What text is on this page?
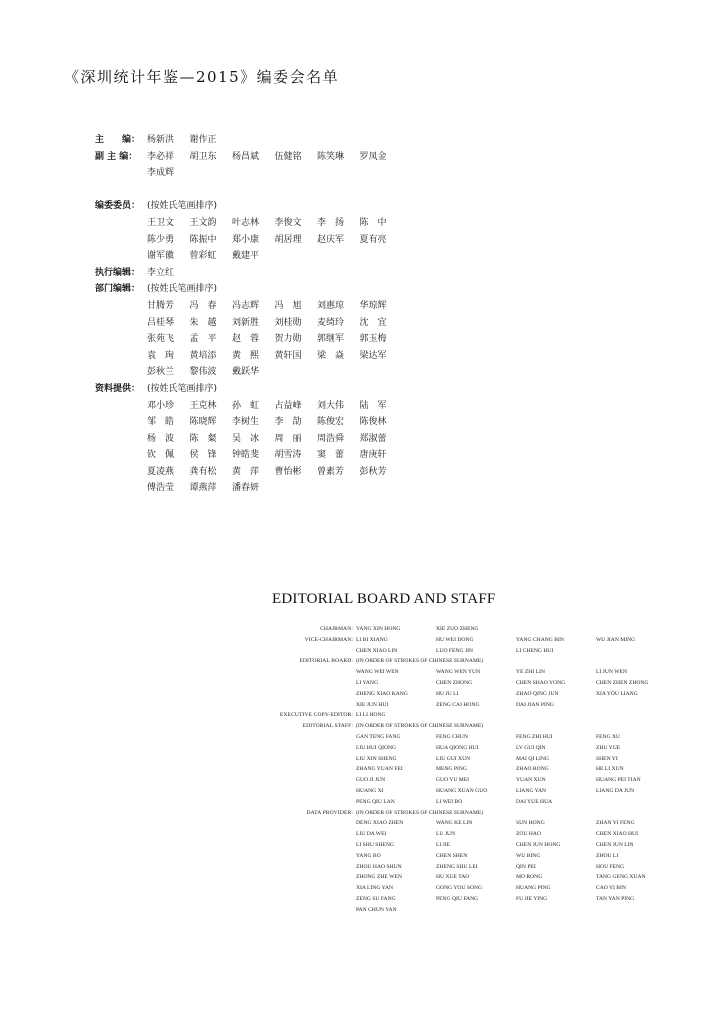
《深圳统计年鉴—2015》编委会名单
主　　编： 杨新洪	谢作正
副 主 编：	李必祥	胡卫东	杨昌斌	伍健铭	陈笑琳	罗凤金
李成辉
编委委员： (按姓氏笔画排序)
王卫文	王文韵	叶志林	李俊文	李　扬	陈　中
陈少勇	陈振中	郑小康	胡居理	赵庆军	夏有亮
谢军徽	曾彩虹	戴建平
执行编辑： 李立红
部门编辑： (按姓氏笔画排序)
甘腾芳	冯　春	冯志辉	冯　旭	刘惠琼	华琼辉
吕桂琴	朱　越	刘新胜	刘桂勋	麦绮玲	沈　宜
张苑飞	孟　平	赵　蓉	贺力勋	郭继军	郭玉梅
袁　珣	黄培添	黄　熙	黄轩国	梁　焱	梁达军
彭秋兰	黎伟波	戴跃华
资料提供： (按姓氏笔画排序)
邓小珍	王克林	孙　虹	占益峰	刘大伟	陆　军
邹　皓	陈晓辉	李树生	李　劼	陈俊宏	陈俊林
杨　波	陈　粲	吴　冰	周　丽	周浩舜	郑淑蕾
钦　佩	侯　锋	钟皓斐	胡雪涛	窦　蕾	唐庚轩
夏凌燕	龚有松	黄　萍	曹怡彬	曾素芳	彭秋芳
傅浩莹	谭燕萍	潘春妍
EDITORIAL BOARD AND STAFF
CHAIRMAN: YANG XIN HONG	XIE ZUO ZHENG
VICE-CHAIRMAN: LI BI XIANG	HU WEI DONG	YANG CHANG BIN	WU JIAN MING
CHEN XIAO LIN	LUO FENG JIN	LI CHENG HUI
EDITORIAL BOARD: (IN ORDER OF STROKES OF CHINESE SURNAME)
WANG WEI WEN	WANG WEN YUN	YE ZHI LIN	LI JUN WEN
LI YANG	CHEN ZHONG	CHEN SHAO YONG	CHEN ZHEN ZHONG
ZHENG XIAO KANG	HU JU LI	ZHAO QING JUN	XIA YOU LIANG
XIE JUN HUI	ZENG CAI HONG	DAI JIAN PING
EXECUTIVE COPY-EDITOR: LI LI HONG
EDITORIAL STAFF: (IN ORDER OF STROKES OF CHINESE SURNAME)
GAN TENG FANG	FENG CHUN	FENG ZHI HUI	FENG XU
LIU HUI QIONG	HUA QIONG HUI	LV GUI QIN	ZHU YUE
LIU XIN SHENG	LIU GUI XUN	MAI QI LING	SHEN YI
ZHANG YUAN FEI	MENG PING	ZHAO RONG	HE LI XUN
GUO JI JUN	GUO YU MEI	YUAN XUN	HUANG PEI TIAN
HUANG XI	HUANG XUAN GUO	LIANG YAN	LIANG DA JUN
PENG QIU LAN	LI WEI BO	DAI YUE HUA
DATA PROVIDER: (IN ORDER OF STROKES OF CHINESE SURNAME)
DENG XIAO ZHEN	WANG KE LIN	SUN HONG	ZHAN YI FENG
LIU DA WEI	LU JUN	ZOU HAO	CHEN XIAO HUI
LI SHU SHENG	LI JIE	CHEN JUN HONG	CHEN JUN LIN
YANG BO	CHEN SHEN	WU BING	ZHOU LI
ZHOU HAO SHUN	ZHENG SHU LEI	QIN PEI	HOU FENG
ZHONG ZHE WEN	HU XUE TAO	MO RONG	TANG GENG XUAN
XIA LING YAN	GONG YOU SONG	HUANG PING	CAO YI BIN
ZENG SU FANG	PENG QIU FANG	FU JIE YING	TAN YAN PING
PAN CHUN YAN
